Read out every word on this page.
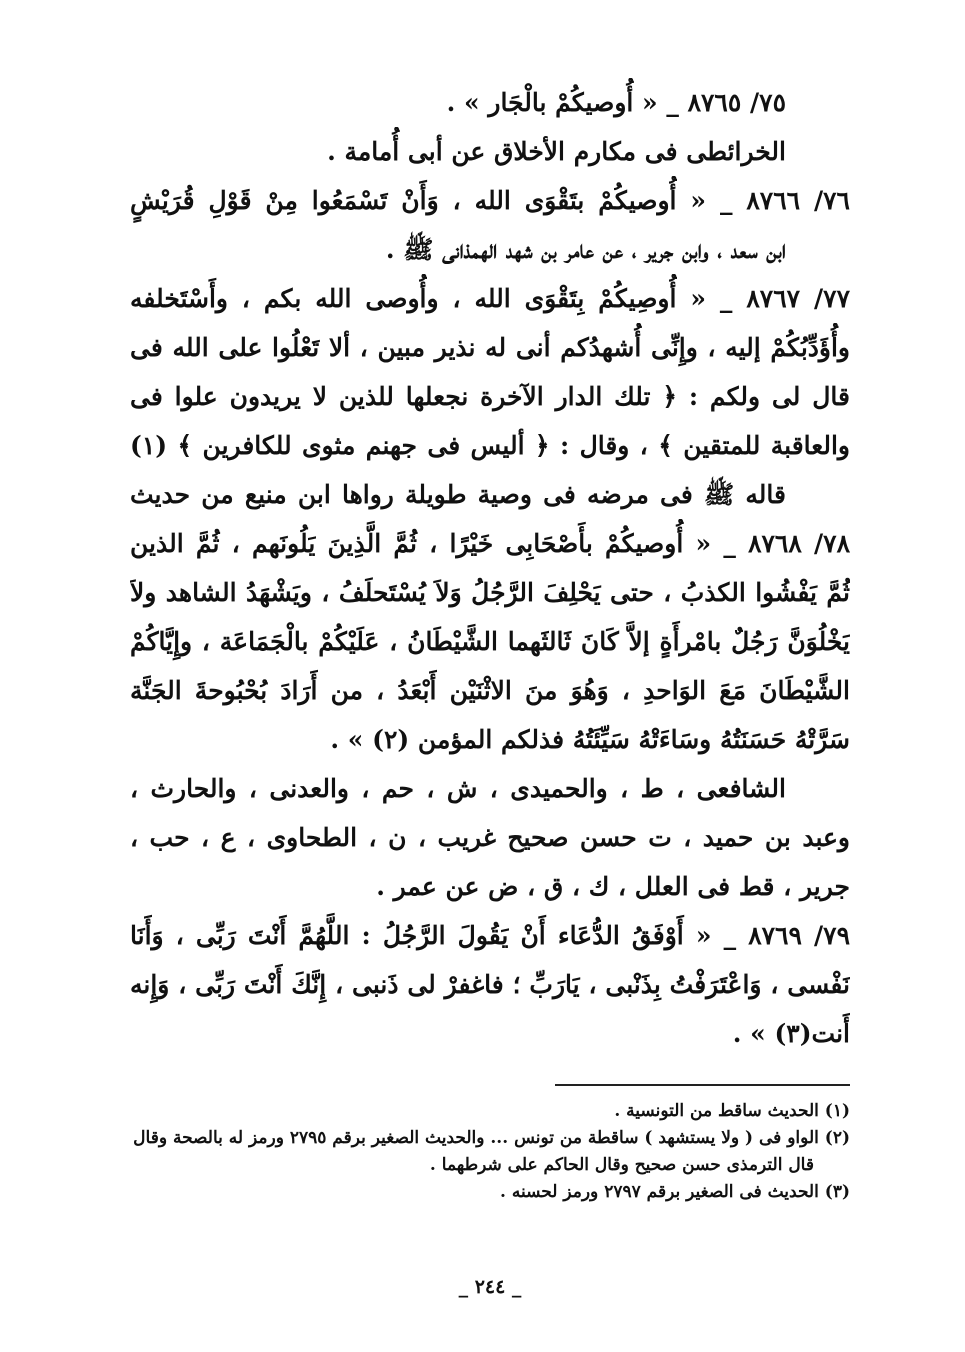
٧٥/ ٨٧٦٥ _ « أُوصيكُمْ بالْجَار » .

الخرائطى فى مكارم الأخلاق عن أبى أُمامة .

٧٦/ ٨٧٦٦ _ « أُوصيكُمْ بتَقْوَى الله ، وَأَنْ تَسْمَعُوا مِنْ قَوْلِ قُرَيْشٍ

ابن سعد ، وابن جرير ، عن عامر بن شهد الهمذانى ﷺ .

٧٧/ ٨٧٦٧ _ « أُوصِيكُمْ بِتَقْوَى الله ، وأُوصى الله بكم ، وأَسْتَخلفه

وأُؤَدِّبُكُمْ إليه ، وإِنِّى أُشهدُكم أنى له نذير مبين ، ألا تَعْلُوا على الله فى

قال لى ولكم : ﴿ تلك الدار الآخرة نجعلها للذين لا يريدون علوا فى

والعاقبة للمتقين ﴾ ، وقال : ﴿ أليس فى جهنم مثوى للكافرين ﴾ (١)

قاله ﷺ فى مرضه فى وصية طويلة رواها ابن منيع من حديث

٧٨/ ٨٧٦٨ _ « أُوصيكُمْ بأَصْحَابِى خَيْرًا ، ثُمَّ الَّذِينَ يَلُونَهم ، ثُمَّ الذين

ثُمَّ يَفْشُوا الكذبُ ، حتى يَحْلِفَ الرَّجُلُ وَلاَ يُسْتَحلَفُ ، ويَشْهَدُ الشاهد ولاَ

يَخْلُوَنَّ رَجُلٌ بامْرأَةٍ إلاَّ كَانَ ثَالثَهما الشَّيْطَانُ ، عَلَيْكُمْ بالْجَمَاعَة ، وإِيَّاكُمْ

الشَّيْطَانَ مَعَ الوَاحدِ ، وَهُوَ منَ الاثْنَيْن أَبْعَدُ ، من أَرَادَ بُحْبُوحةَ الجَنَّة

سَرَّتْهُ حَسَنَتُهُ وسَاءَتْهُ سَيِّئَتُهُ فذلكم المؤمن (٢) » .

الشافعى ، ط ، والحميدى ، ش ، حم ، والعدنى ، والحارث ،

وعبد بن حميد ، ت حسن صحيح غريب ، ن ، الطحاوى ، ع ، حب ،

جرير ، قط فى العلل ، ك ، ق ، ض عن عمر .

٧٩/ ٨٧٦٩ _ « أَوْفَقُ الدُّعَاء أَنْ يَقُولَ الرَّجُلُ : اللَّهُمَّ أَنْتَ رَبِّى ، وَأَنَا

نَفْسى ، وَاعْتَرَفْتُ بِذَنْبى ، يَارَبِّ ؛ فاغفرْ لى ذَنبى ، إِنَّكَ أَنْتَ رَبِّى ، وَإِنه

أَنت(٣) » .

(١) الحديث ساقط من التونسية .

(٢) الواو فى ( ولا يستشهد ) ساقطة من تونس ... والحديث الصغير برقم ٢٧٩٥ ورمز له بالصحة وقال

قال الترمذى حسن صحيح وقال الحاكم على شرطهما .

(٣) الحديث فى الصغير برقم ٢٧٩٧ ورمز لحسنه .

_ ٢٤٤ _
